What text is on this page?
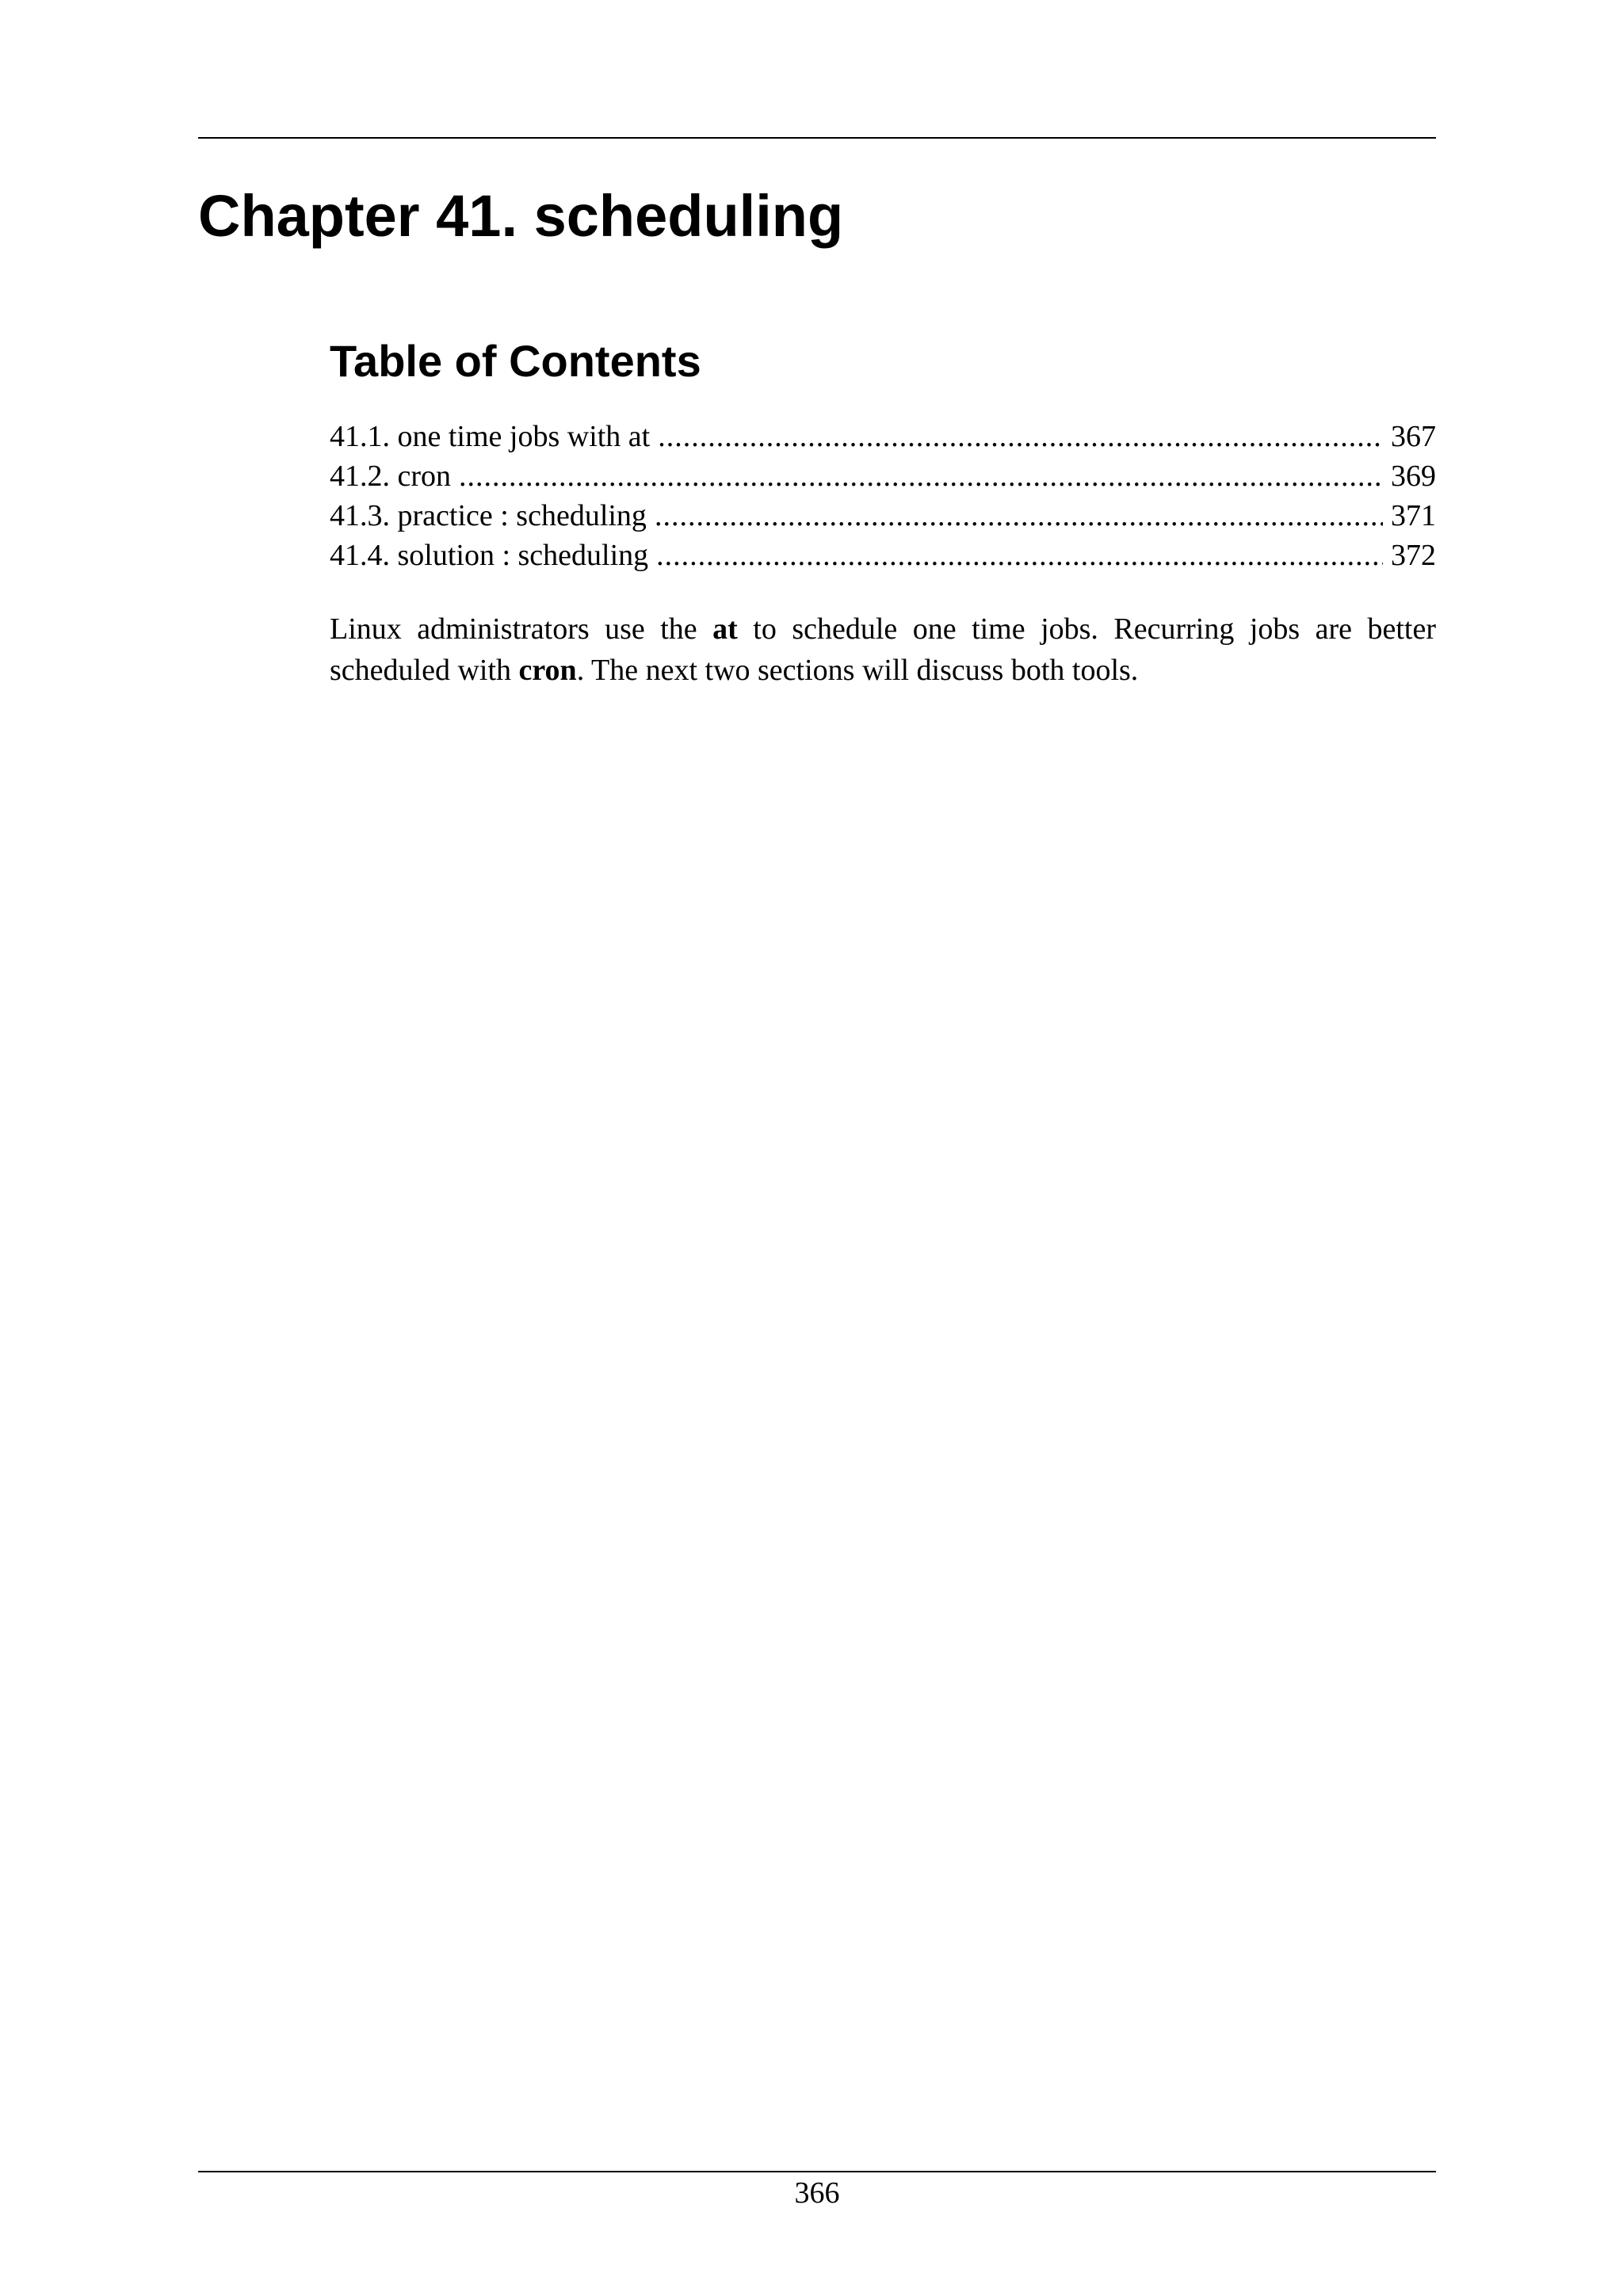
Chapter 41. scheduling
Table of Contents
41.1. one time jobs with at .....	367
41.2. cron .....	369
41.3. practice : scheduling .....	371
41.4. solution : scheduling .....	372

Linux administrators use the at to schedule one time jobs. Recurring jobs are better scheduled with cron. The next two sections will discuss both tools.

366
